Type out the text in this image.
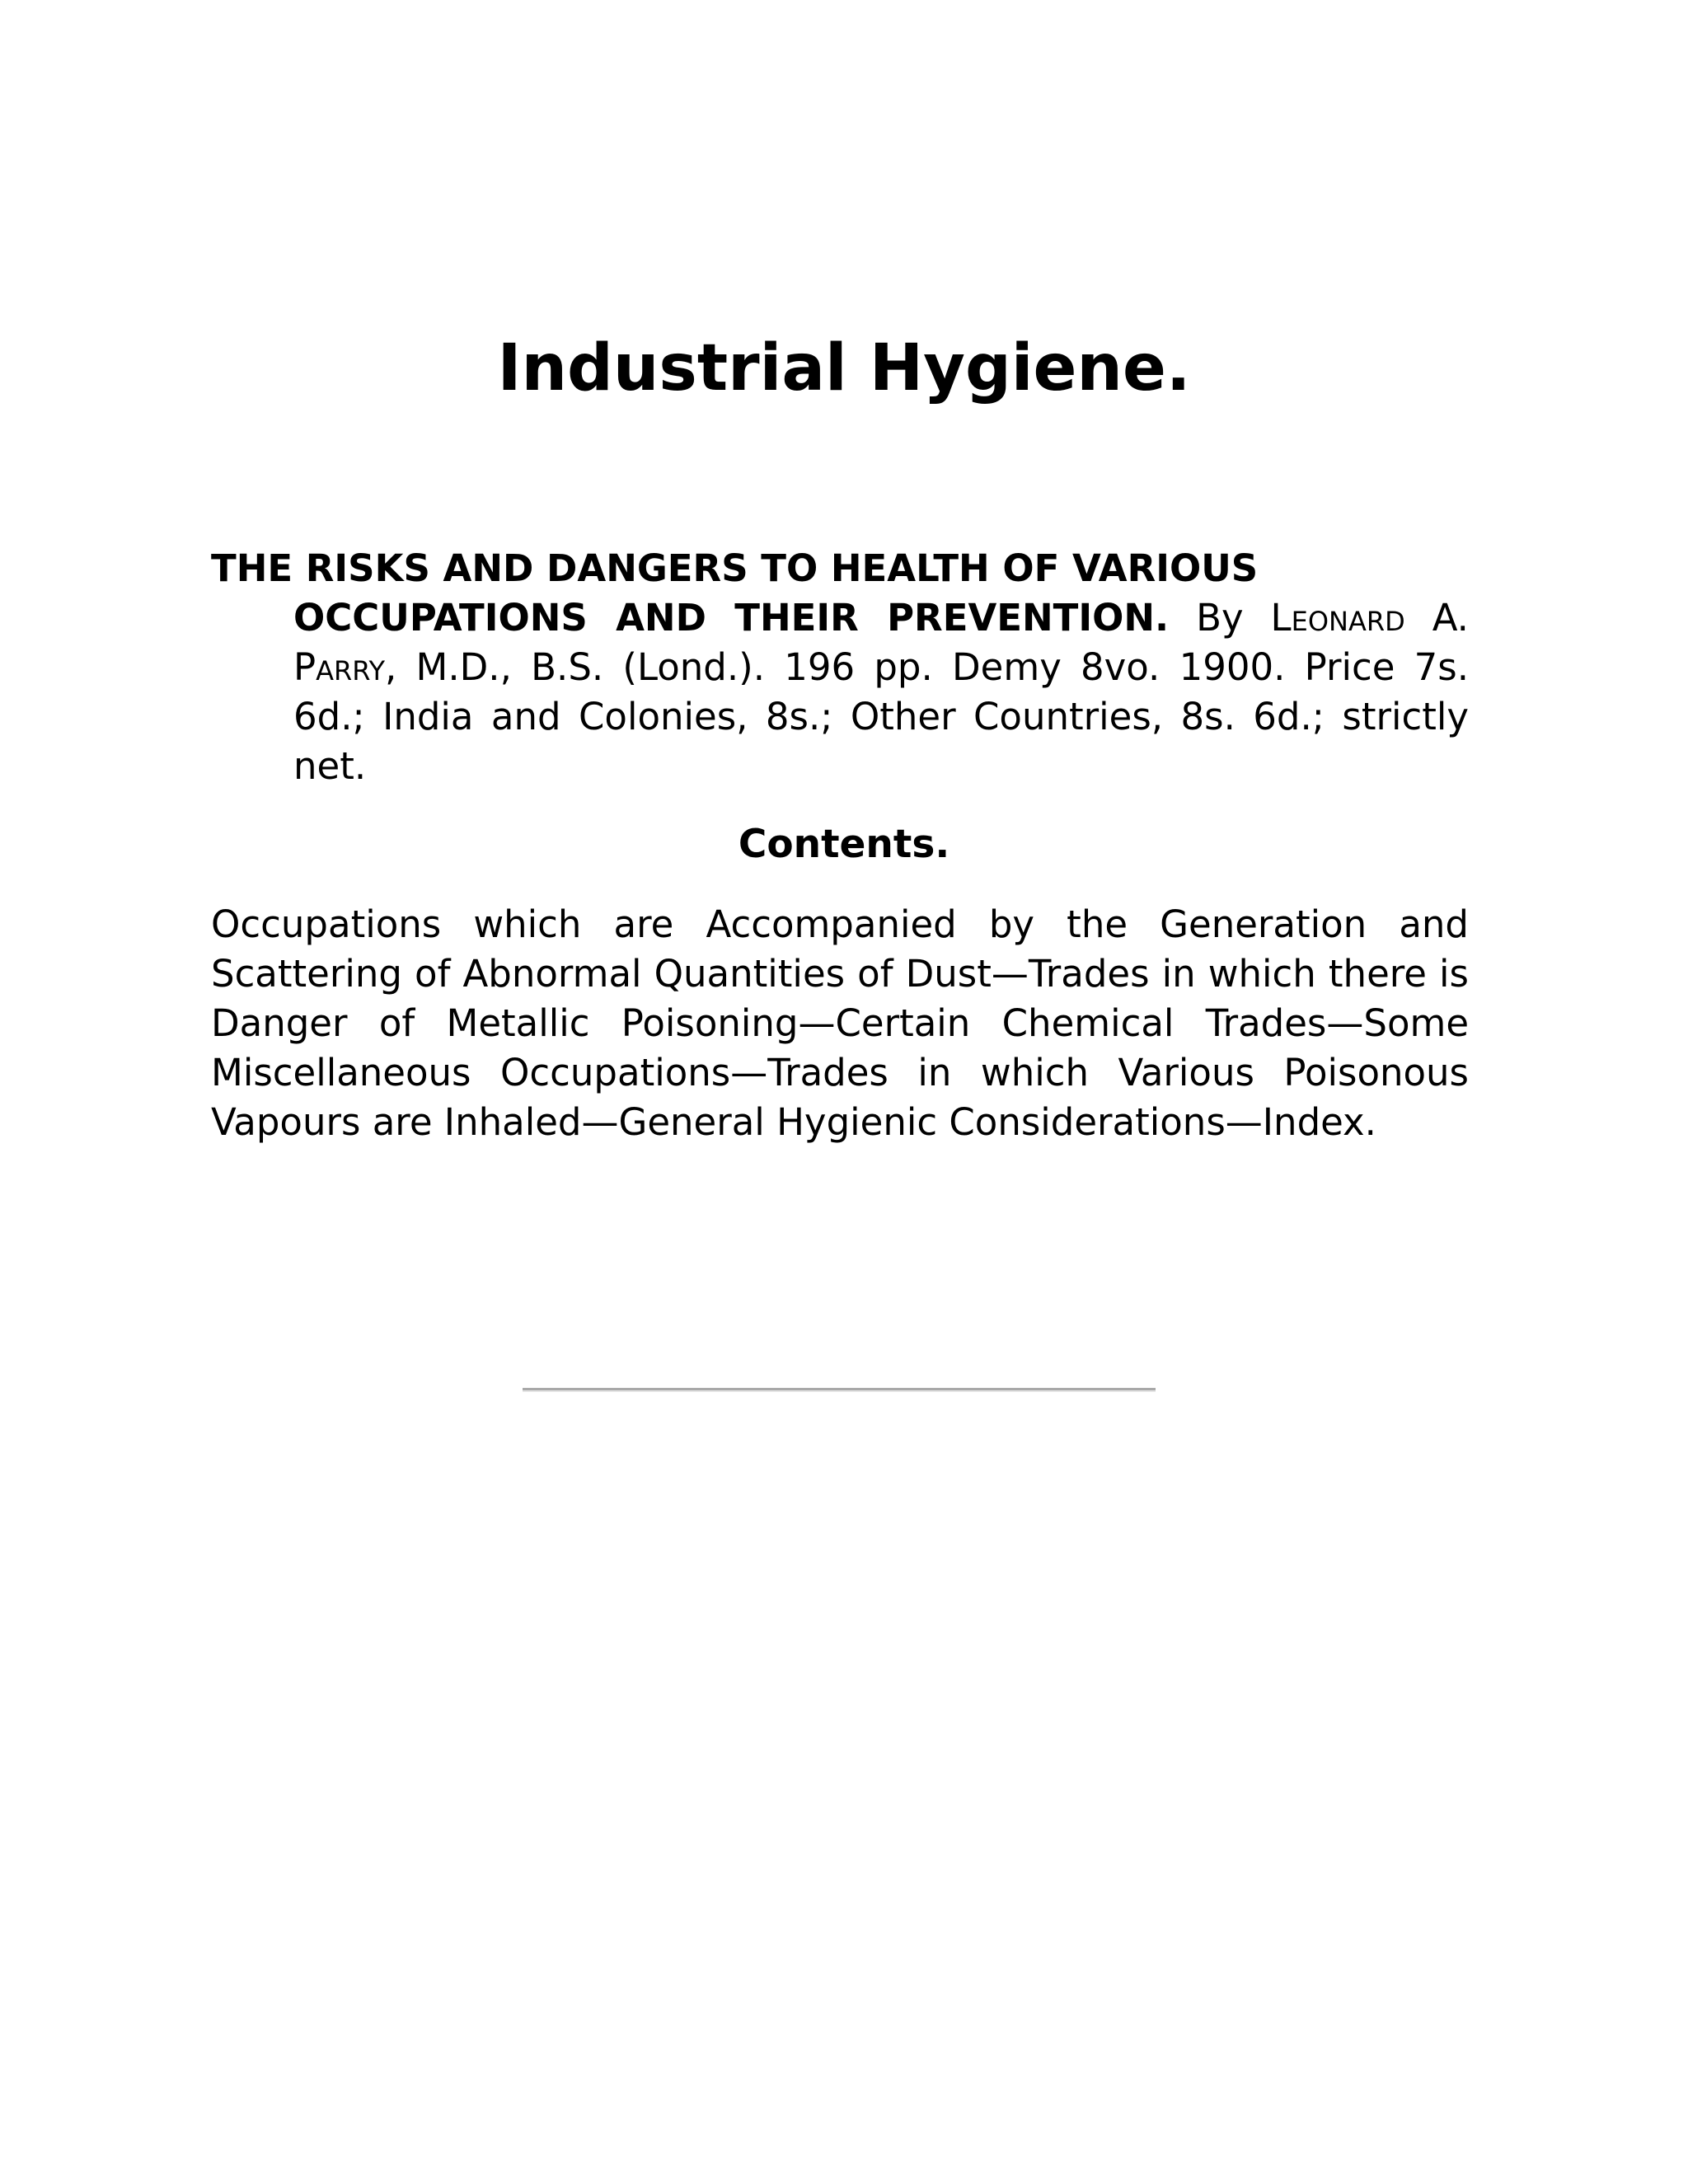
Industrial Hygiene.

THE RISKS AND DANGERS TO HEALTH OF VARIOUS
OCCUPATIONS AND THEIR PREVENTION. By Leonard A. Parry, M.D., B.S. (Lond.). 196 pp. Demy 8vo. 1900. Price 7s. 6d.; India and Colonies, 8s.; Other Countries, 8s. 6d.; strictly net.

Contents.

Occupations which are Accompanied by the Generation and Scattering of Abnormal Quantities of Dust—Trades in which there is Danger of Metallic Poisoning—Certain Chemical Trades—Some Miscellaneous Occupations—Trades in which Various Poisonous Vapours are Inhaled—General Hygienic Considerations—Index.
